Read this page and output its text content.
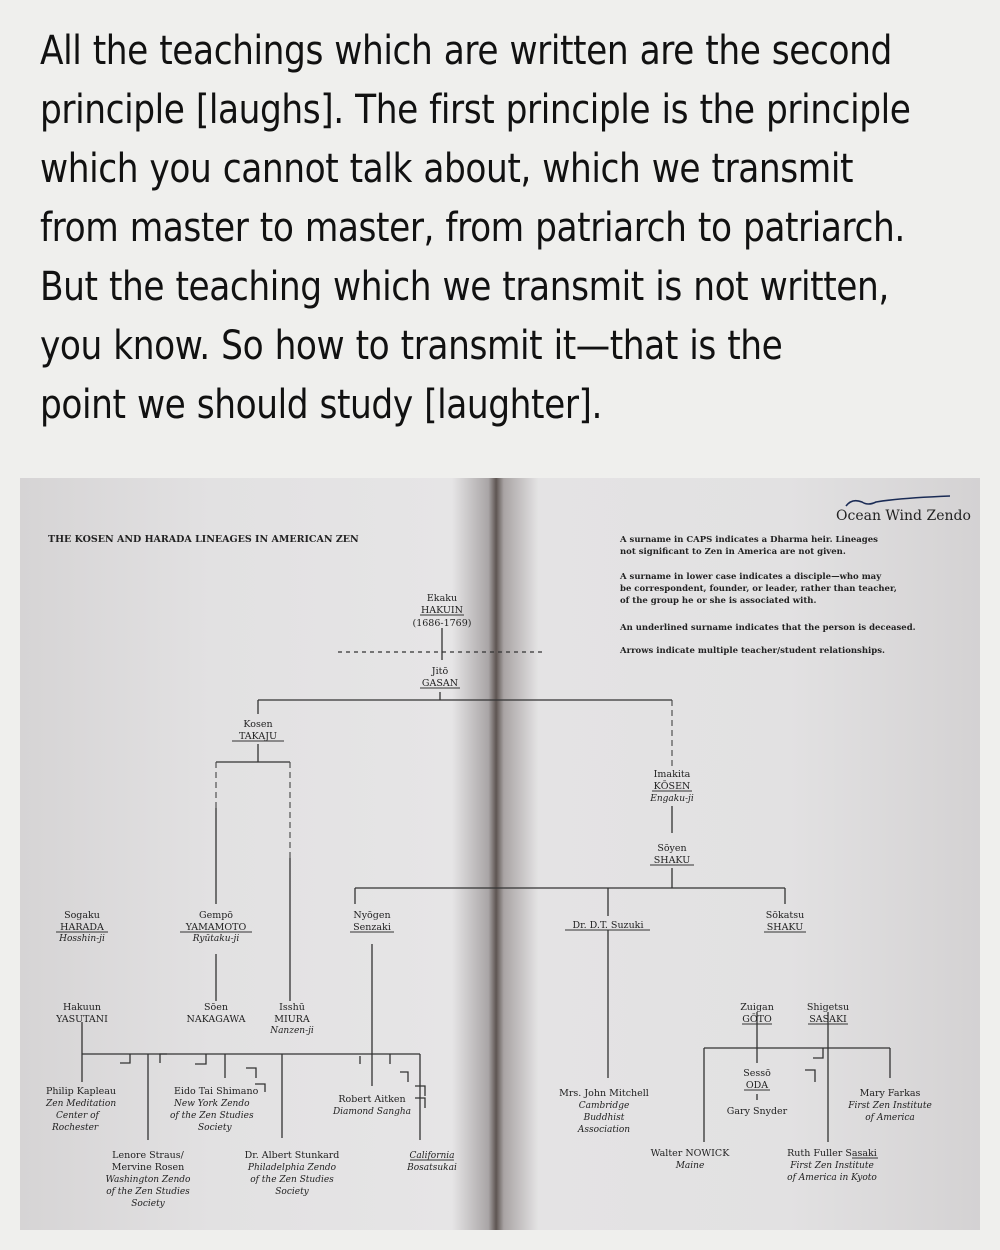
All the teachings which are written are the second
principle [laughs]. The first principle is the principle
which you cannot talk about, which we transmit
from master to master, from patriarch to patriarch.
But the teaching which we transmit is not written,
you know. So how to transmit it—that is the
point we should study [laughter].
THE KOSEN AND HARADA LINEAGES IN AMERICAN ZEN
Ocean Wind Zendo
A surname in CAPS indicates a Dharma heir. Lineages
not significant to Zen in America are not given.
A surname in lower case indicates a disciple—who may
be correspondent, founder, or leader, rather than teacher,
of the group he or she is associated with.
An underlined surname indicates that the person is deceased.
Arrows indicate multiple teacher/student relationships.
Ekaku
HAKUIN
(1686-1769)
Jitō
GASAN
Kosen
TAKAJU
Imakita
KŌSEN
Engaku-ji
Sōyen
SHAKU
Sogaku
HARADA
Hosshin-ji
Gempō
YAMAMOTO
Ryūtaku-ji
Nyōgen
Senzaki	Dr. D.T. Suzuki
Sōkatsu
SHAKU
Hakuun
YASUTANI
Sōen
NAKAGAWA
Isshū
MIURA
Nanzen-ji
Zuigan
GŌTO
Shigetsu
SASAKI
Sessō
ODA
Gary Snyder
Philip Kapleau
Zen Meditation
Center of
Rochester
Eido Tai Shimano
New York Zendo
of the Zen Studies
Society
Robert Aitken
Diamond Sangha
California
Bosatsukai
Lenore Straus/
Mervine Rosen
Washington Zendo
of the Zen Studies
Society
Dr. Albert Stunkard
Philadelphia Zendo
of the Zen Studies
Society
Mrs. John Mitchell
Cambridge
Buddhist
Association
Mary Farkas
First Zen Institute
of America
Walter NOWICK
Maine
Ruth Fuller Sasaki
First Zen Institute
of America in Kyoto
